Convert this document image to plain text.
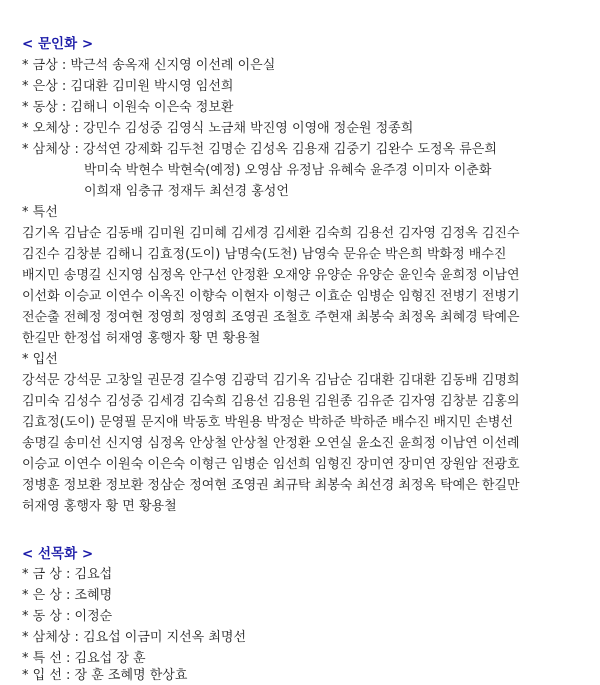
< 문인화 >
* 금상 : 박근석 송옥재 신지영 이선례 이은실
* 은상 : 김대환 김미원 박시영 임선희
* 동상 : 김해니 이원숙 이은숙 정보환
* 오체상 : 강민수 김성중 김영식 노금채 박진영 이영애 정순원 정종희
* 삼체상 : 강석연 강제화 김두천 김명순 김성옥 김용재 김중기 김완수 도정옥 류은희
박미숙 박현수 박현숙(예정) 오영삼 유정남 유혜숙 윤주경 이미자 이춘화
이희재 임충규 정재두 최선경 홍성언
* 특선
김기옥 김남순 김동배 김미원 김미혜 김세경 김세환 김숙희 김용선 김자영 김정옥 김진수
김진수 김창분 김해니 김효정(도이) 남명숙(도천) 남영숙 문유순 박은희 박화정 배수진
배지민 송명길 신지영 심정옥 안구선 안정환 오재양 유양순 유양순 윤인숙 윤희정 이남연
이선화 이승교 이연수 이옥진 이향숙 이현자 이형근 이효순 임병순 임형진 전병기 전병기
전순출 전혜정 정여현 정영희 정영희 조영권 조철호 주현재 최봉숙 최정옥 최혜경 탁예은
한길만 한정섭 허재영 홍행자 황 면 황용철
* 입선
강석문 강석문 고창일 권문경 길수영 김광덕 김기옥 김남순 김대환 김대환 김동배 김명희
김미숙 김성수 김성중 김세경 김숙희 김용선 김용원 김원종 김유준 김자영 김창분 김홍의
김효정(도이) 문영필 문지애 박동호 박원용 박정순 박하준 박하준 배수진 배지민 손병선
송명길 송미선 신지영 심정옥 안상철 안상철 안정환 오연실 윤소진 윤희정 이남연 이선례
이승교 이연수 이원숙 이은숙 이형근 임병순 임선희 임형진 장미연 장미연 장원암 전광호
정병훈 정보환 정보환 정삼순 정여현 조영권 최규탁 최봉숙 최선경 최정옥 탁예은 한길만
허재영 홍행자 황 면 황용철
< 선목화 >
* 금 상 : 김요섭
* 은 상 : 조혜명
* 동 상 : 이정순
* 삼체상 : 김요섭 이금미 지선옥 최명선
* 특 선 : 김요섭 장 훈
* 입 선 : 장 훈 조혜명 한상효
